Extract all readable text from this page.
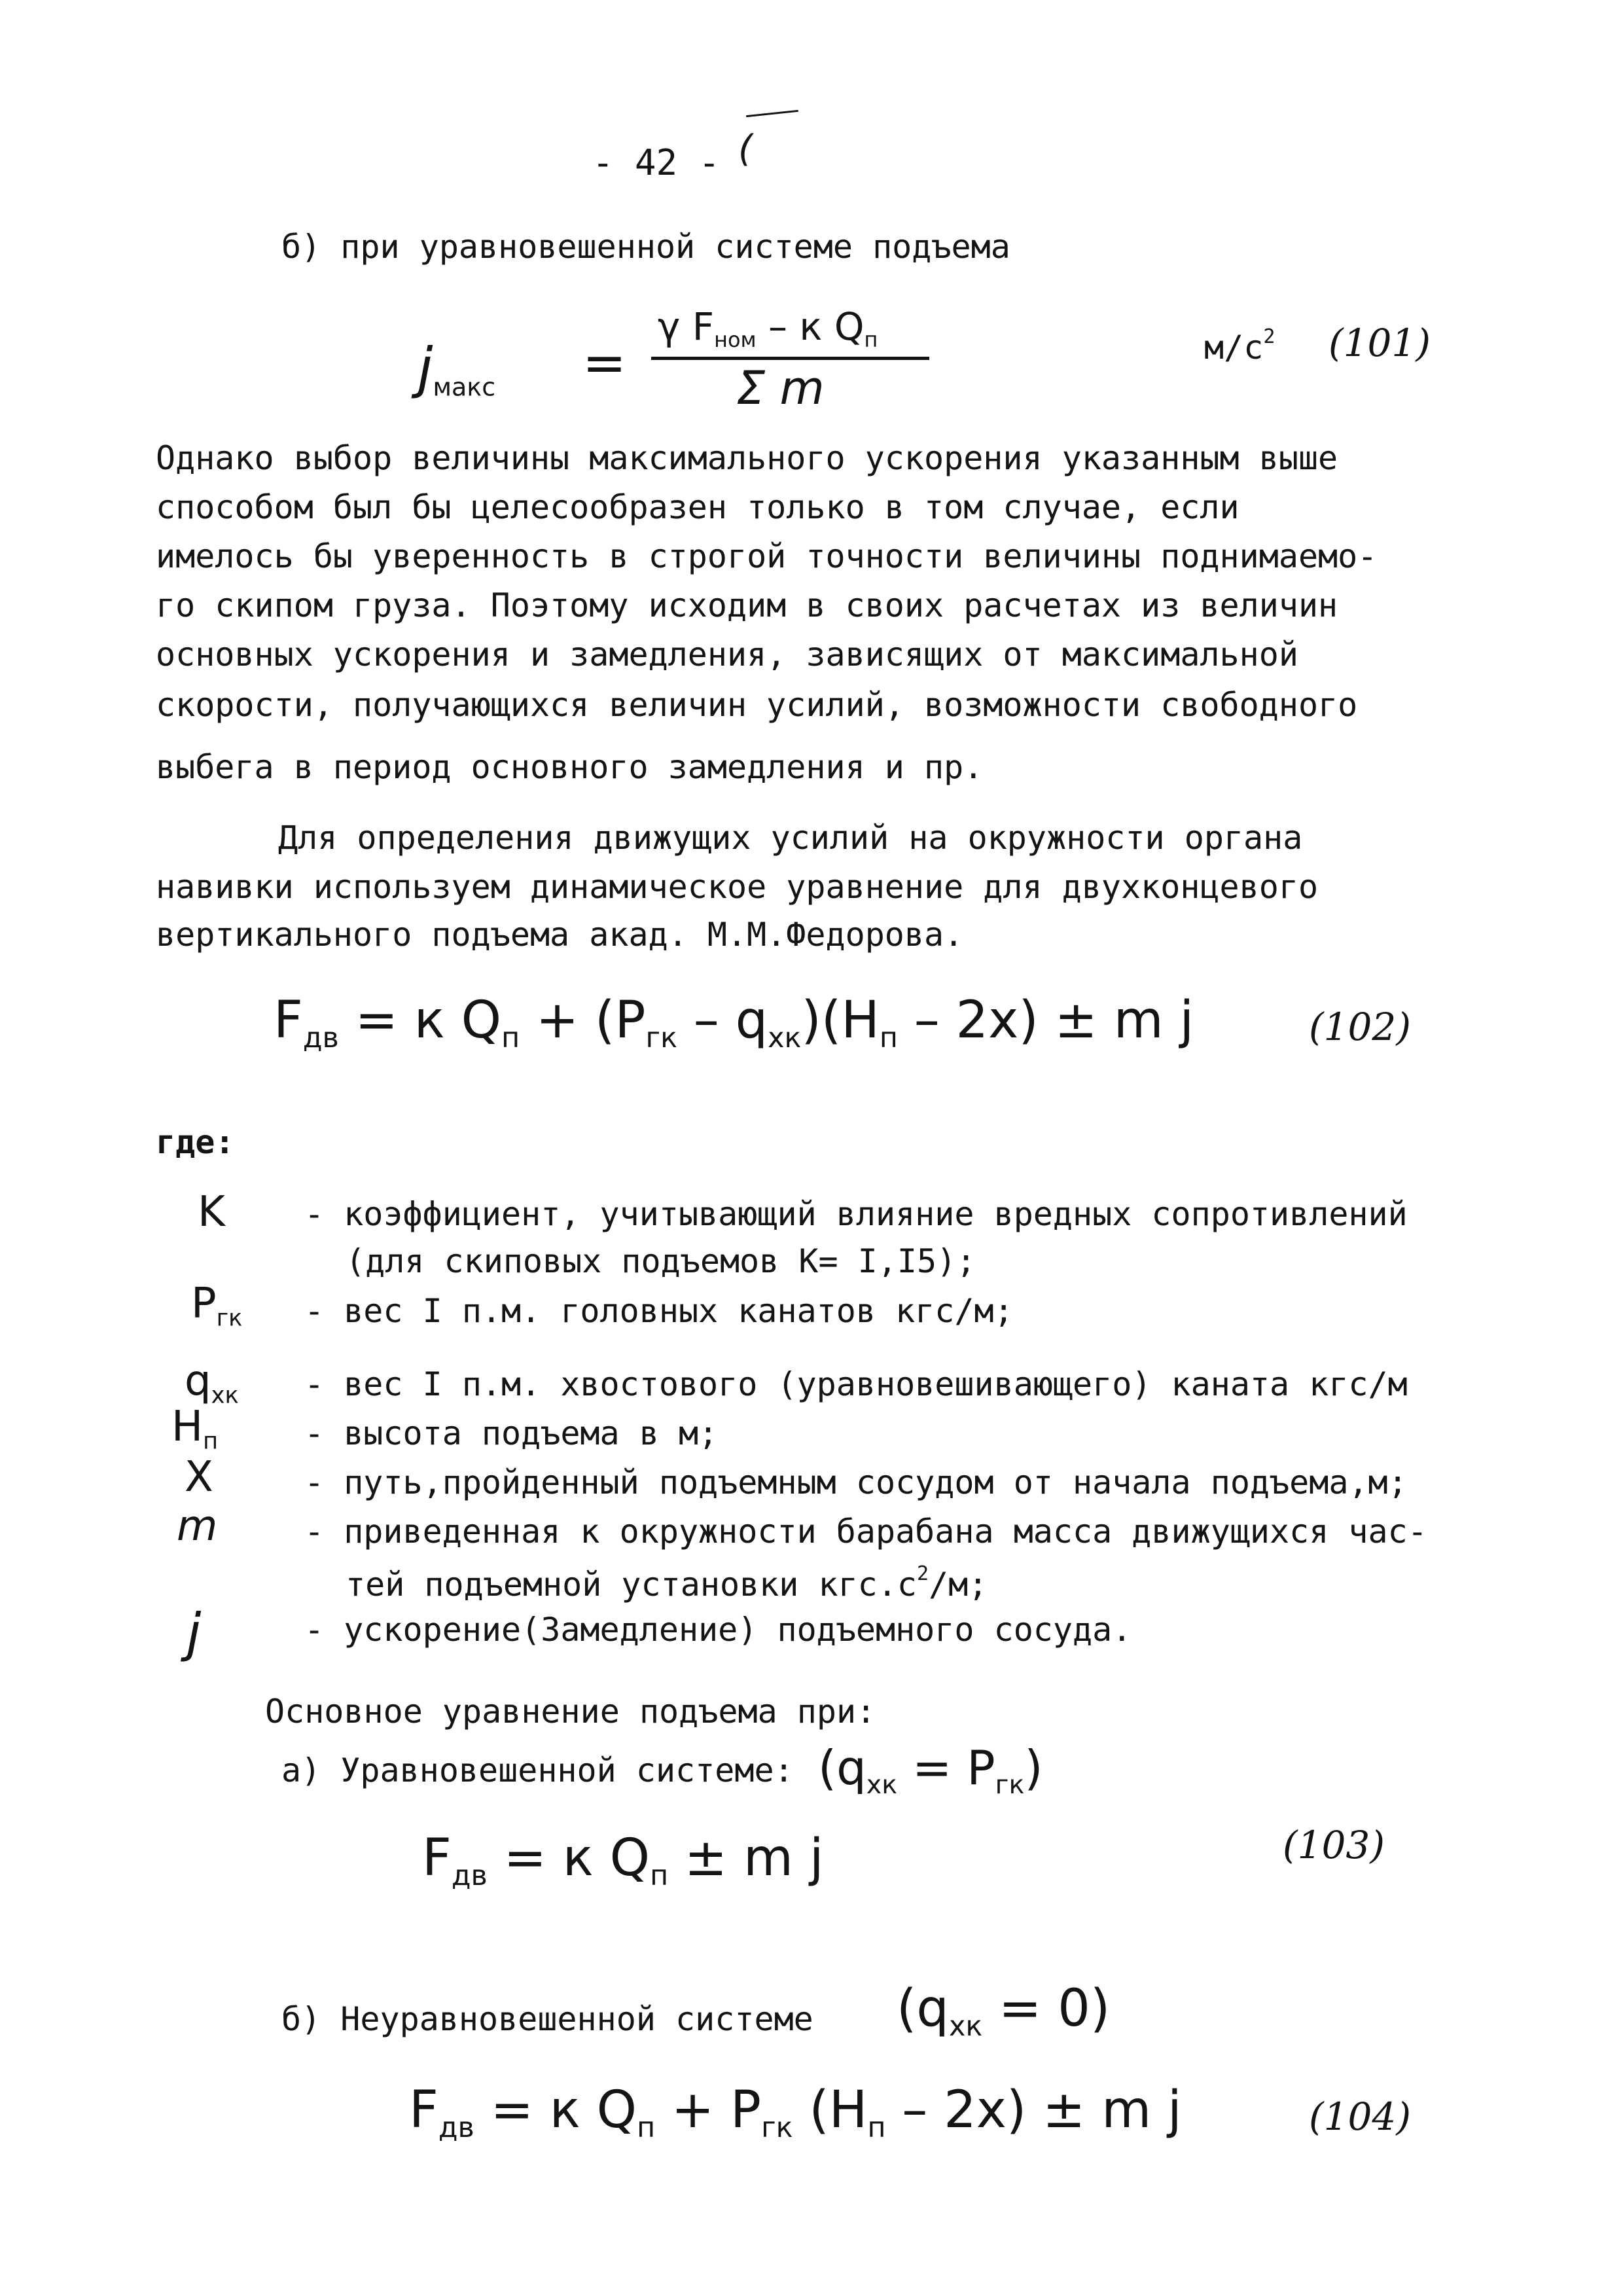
- 42 - (
б) при уравновешенной системе подъема
$j_{макс}$ =
γ $F_{ном}$ – к $Q_п$
Σ m
$м/с^2$ (101)
Однако выбор величины максимального ускорения указанным выше
способом был бы целесообразен только в том случае, если
имелось бы уверенность в строгой точности величины поднимаемо-
го скипом груза. Поэтому исходим в своих расчетах из величин
основных ускорения и замедления, зависящих от максимальной
скорости, получающихся величин усилий, возможности свободного
выбега в период основного замедления и пр.
Для определения движущих усилий на окружности органа
навивки используем динамическое уравнение для двухконцевого
вертикального подъема акад. М.М.Федорова.
$F_{дв} = к$ $Q_п + (P_{гк} - q_{хк})(H_п - 2x) \pm m$ j	(102)
где:
K - коэффициент, учитывающий влияние вредных сопротивлений
(для скиповых подъемов К= I,I5);
$P_{гк}$ - вес I п.м. головных канатов кгс/м;
$q_{хк}$ - вес I п.м. хвостового (уравновешивающего) каната кгс/м
$H_п$	- высота подъема в м;
X	- путь,пройденный подъемным сосудом от начала подъема,м;
m	- приведенная к окружности барабана масса движущихся час-
тей подъемной установки $кгс.с^2/м$;
j	- ускорение(Замедление) подъемного сосуда.
Основное уравнение подъема при:
а) Уравновешенной системе: $(q_{хк} = P_{гк})$
$F_{дв} = к$ $Q_п \pm m$ j	(103)
б) Неуравновешенной системе $(q_{хк} = 0)$
$F_{дв} = к$ $Q_п + P_{гк}$ $(H_п - 2x) \pm m$ j	(104)
